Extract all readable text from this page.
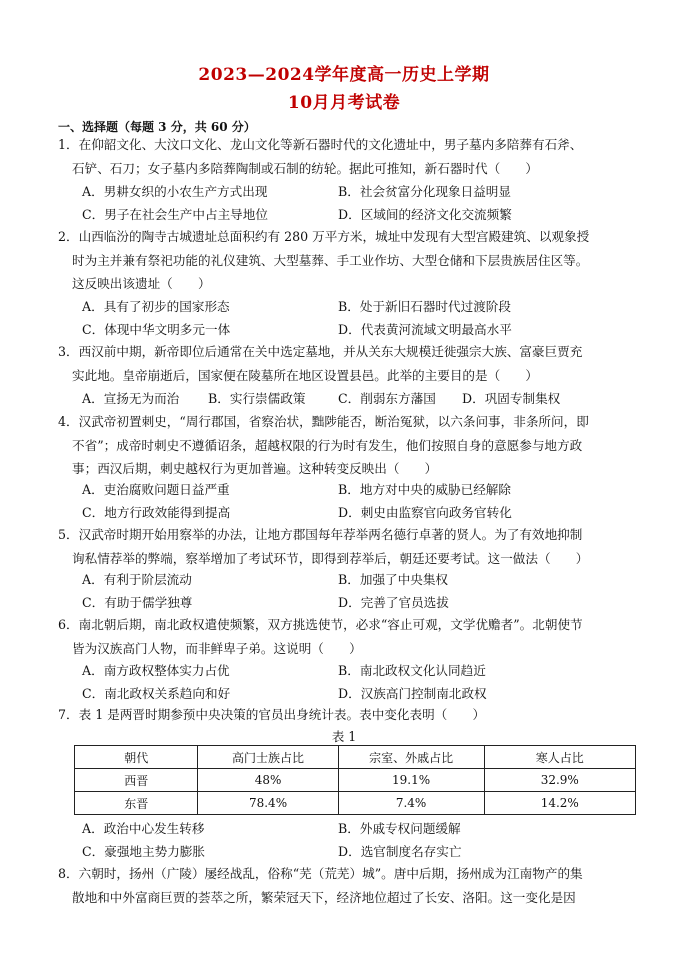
2023—2024学年度高一历史上学期
10月月考试卷
一、选择题（每题 3 分，共 60 分）
1．在仰韶文化、大汶口文化、龙山文化等新石器时代的文化遗址中，男子墓内多陪葬有石斧、
石铲、石刀；女子墓内多陪葬陶制或石制的纺轮。据此可推知，新石器时代（　　）
A．男耕女织的小农生产方式出现	B．社会贫富分化现象日益明显
C．男子在社会生产中占主导地位	D．区域间的经济文化交流频繁
2．山西临汾的陶寺古城遗址总面积约有 280 万平方米，城址中发现有大型宫殿建筑、以观象授
时为主并兼有祭祀功能的礼仪建筑、大型墓葬、手工业作坊、大型仓储和下层贵族居住区等。
这反映出该遗址（　　）
A．具有了初步的国家形态	B．处于新旧石器时代过渡阶段
C．体现中华文明多元一体	D．代表黄河流域文明最高水平
3．西汉前中期，新帝即位后通常在关中选定墓地，并从关东大规模迁徙强宗大族、富豪巨贾充
实此地。皇帝崩逝后，国家便在陵墓所在地区设置县邑。此举的主要目的是（　　）
A．宣扬无为而治 B．实行崇儒政策	C．削弱东方藩国 D．巩固专制集权
4．汉武帝初置刺史，“周行郡国，省察治状，黜陟能否，断治冤狱，以六条问事，非条所问，即
不省”；成帝时刺史不遵循诏条，超越权限的行为时有发生，他们按照自身的意愿参与地方政
事；西汉后期，刺史越权行为更加普遍。这种转变反映出（　　）
A．吏治腐败问题日益严重	B．地方对中央的威胁已经解除
C．地方行政效能得到提高	D．刺史由监察官向政务官转化
5．汉武帝时期开始用察举的办法，让地方郡国每年荐举两名德行卓著的贤人。为了有效地抑制
询私情荐举的弊端，察举增加了考试环节，即得到荐举后，朝廷还要考试。这一做法（　　）
A．有利于阶层流动	B．加强了中央集权
C．有助于儒学独尊	D．完善了官员选拔
6．南北朝后期，南北政权遣使频繁，双方挑选使节，必求“容止可观，文学优赡者”。北朝使节
皆为汉族高门人物，而非鲜卑子弟。这说明（　　）
A．南方政权整体实力占优	B．南北政权文化认同趋近
C．南北政权关系趋向和好	D．汉族高门控制南北政权
7．表 1 是两晋时期参预中央决策的官员出身统计表。表中变化表明（　　）
表 1
朝代	高门士族占比	宗室、外戚占比	寒人占比
西晋	48%	19.1%	32.9%
东晋	78.4%	7.4%	14.2%
A．政治中心发生转移	B．外戚专权问题缓解
C．豪强地主势力膨胀	D．选官制度名存实亡
8．六朝时，扬州（广陵）屡经战乱，俗称“芜（荒芜）城”。唐中后期，扬州成为江南物产的集
散地和中外富商巨贾的荟萃之所，繁荣冠天下，经济地位超过了长安、洛阳。这一变化是因
